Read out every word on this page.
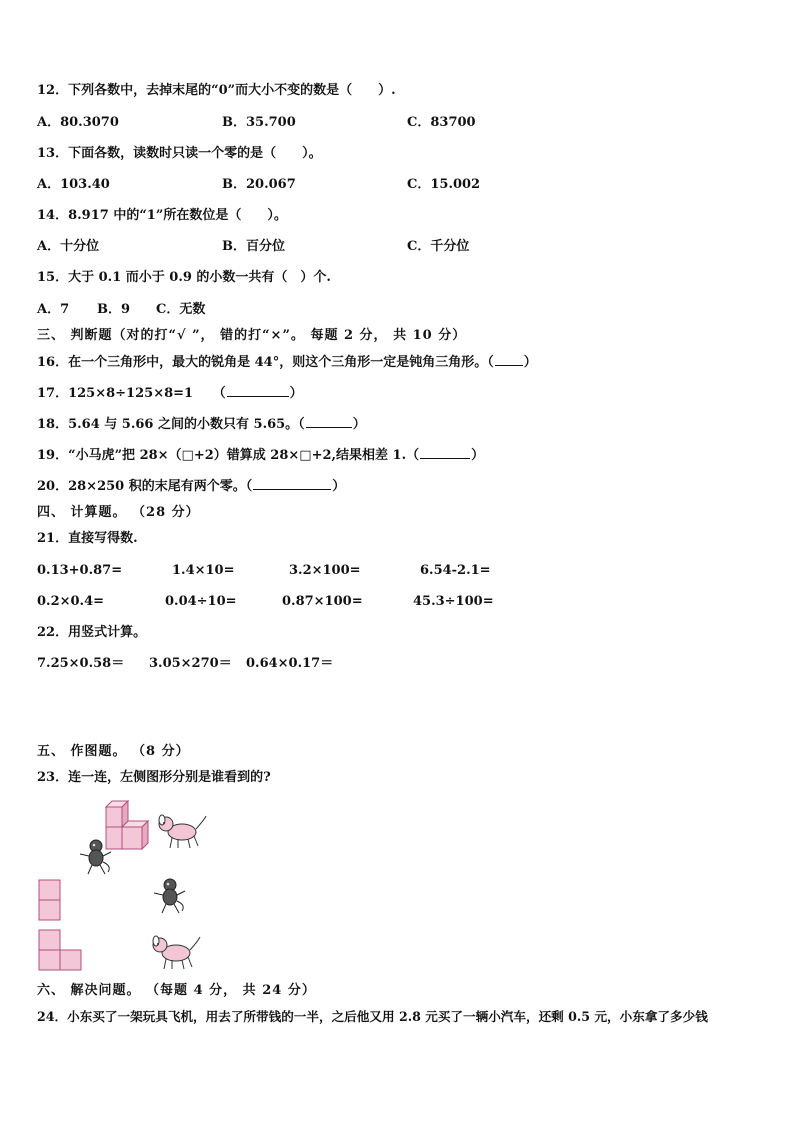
12．下列各数中，去掉末尾的“0”而大小不变的数是（　　）.
A．80.3070	B．35.700	C．83700
13．下面各数，读数时只读一个零的是（　　）。
A．103.40	B．20.067	C．15.002
14．8.917 中的“1”所在数位是（　　）。
A．十分位	B．百分位	C．千分位
15．大于 0.1 而小于 0.9 的小数一共有（　）个.
A．7 B．9 C．无数
三、 判断题（对的打“√ ”， 错的打“×”。 每题 2 分， 共 10 分）
16．在一个三角形中，最大的锐角是 44°，则这个三角形一定是钝角三角形。（ ）
17．125×8÷125×8=1　　（	）
18．5.64 与 5.66 之间的小数只有 5.65。（	）
19．“小马虎”把 28×（□+2）错算成 28×□+2,结果相差 1.（	）
20．28×250 积的末尾有两个零。（	）
四、 计算题。 （28 分）
21．直接写得数.
0.13+0.87=	1.4×10=	3.2×100=	6.54-2.1=
0.2×0.4=	0.04÷10=	0.87×100=	45.3÷100=
22．用竖式计算。
7.25×0.58＝ 3.05×270＝ 0.64×0.17＝
五、 作图题。 （8 分）
23．连一连，左侧图形分别是谁看到的?
六、 解决问题。 （每题 4 分， 共 24 分）
24．小东买了一架玩具飞机，用去了所带钱的一半，之后他又用 2.8 元买了一辆小汽车，还剩 0.5 元，小东拿了多少钱
